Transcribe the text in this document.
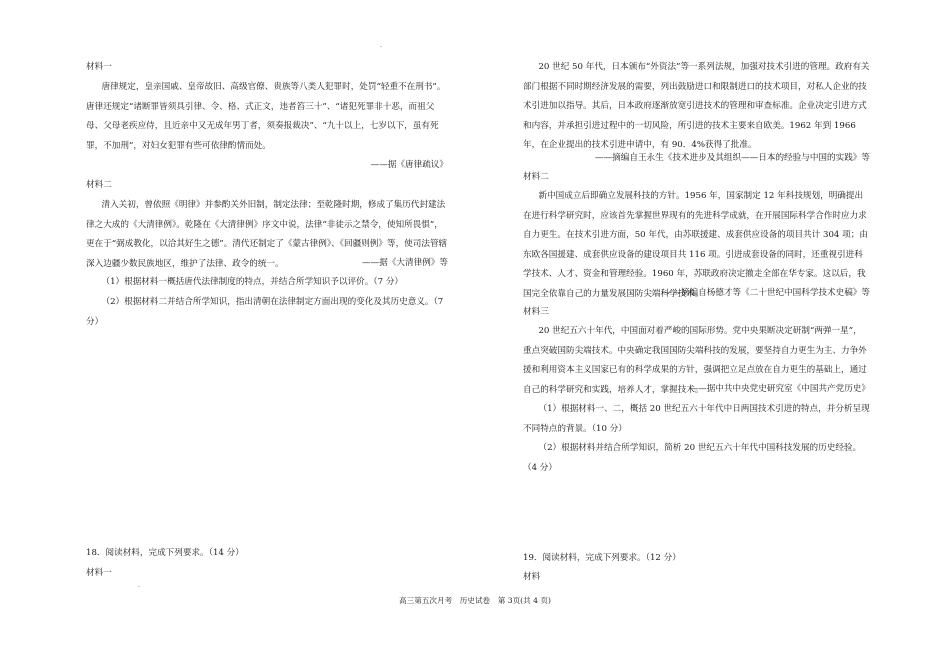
·
·

材料一

唐律规定，皇亲国戚、皇帝故旧、高级官僚、贵族等八类人犯罪时，处罚“轻重不在刑书”。唐律还规定“诸断罪皆须具引律、令、格、式正文，违者笞三十”、“诸犯死罪非十恶，而祖父母、父母老疾应侍，且近亲中又无成年男丁者，须奏报裁决”、“九十以上，七岁以下，虽有死罪，不加刑”，对妇女犯罪有些可依律酌情而处。

——据《唐律疏议》

材料二

清入关初，曾依照《明律》并参酌关外旧制，制定法律；至乾隆时期，修成了集历代封建法律之大成的《大清律例》。乾隆在《大清律例》序文中说，法律“非徒示之禁令，使知所畏惧”，更在于“弼成教化，以洽其好生之德”。清代还制定了《蒙古律例》、《回疆则例》等，使司法管辖深入边疆少数民族地区，维护了法律、政令的统一。	——据《大清律例》等

（1）根据材料一概括唐代法律制度的特点，并结合所学知识予以评价。（7 分）

（2）根据材料二并结合所学知识，指出清朝在法律制定方面出现的变化及其历史意义。（7 分）

18．阅读材料，完成下列要求。（14 分）

材料一

20 世纪 50 年代，日本颁布“外资法”等一系列法规，加强对技术引进的管理。政府有关部门根据不同时期经济发展的需要，列出鼓励进口和限制进口的技术项目，对私人企业的技术引进加以指导。其后，日本政府逐渐放宽引进技术的管理和审查标准。企业决定引进方式和内容，并承担引进过程中的一切风险，所引进的技术主要来自欧美。1962 年到 1966 年，在企业提出的技术引进申请中，有 90．4%获得了批准。

——摘编自王永生《技术进步及其组织——日本的经验与中国的实践》等

材料二

新中国成立后即确立发展科技的方针。1956 年，国家制定 12 年科技规划，明确提出在进行科学研究时，应该首先掌握世界现有的先进科学成就，在开展国际科学合作时应力求自力更生。在技术引进方面，50 年代，由苏联援建、成套供应设备的项目共计 304 项；由东欧各国援建、成套供应设备的建设项目共 116 项。引进成套设备的同时，还重视引进科学技术、人才、资金和管理经验。1960 年，苏联政府决定撤走全部在华专家。这以后，我国完全依靠自己的力量发展国防尖端科学技术。

——摘编自杨德才等《二十世纪中国科学技术史稿》等

材料三

20 世纪五六十年代，中国面对着严峻的国际形势。党中央果断决定研制“两弹一星”，重点突破国防尖端技术。中央确定我国国防尖端科技的发展，要坚持自力更生为主、力争外援和利用资本主义国家已有的科学成果的方针，强调把立足点放在自力更生的基础上，通过自己的科学研究和实践，培养人才，掌握技术。

——据中共中央党史研究室《中国共产党历史》

（1）根据材料一、二，概括 20 世纪五六十年代中日两国技术引进的特点，并分析呈现不同特点的背景。（10 分）

（2）根据材料并结合所学知识，简析 20 世纪五六十年代中国科技发展的历史经验。（4 分）

19．阅读材料，完成下列要求。（12 分）

材料

高三第五次月考　历史试卷　第 3页(共 4 页)
